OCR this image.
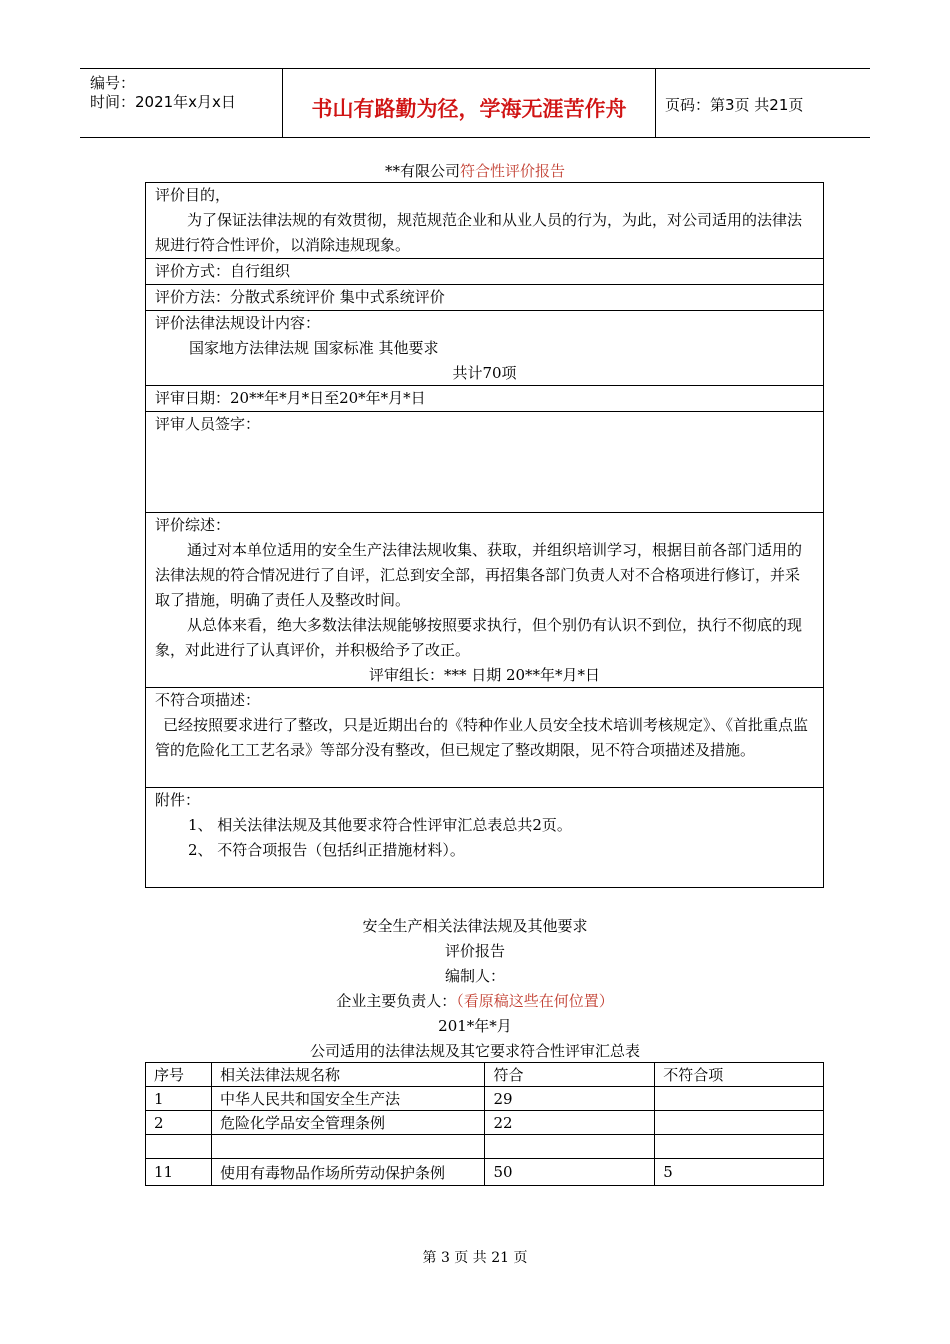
编号：
时间：2021年x月x日	书山有路勤为径，学海无涯苦作舟	页码：第3页 共21页
**有限公司符合性评价报告
评价目的，
为了保证法律法规的有效贯彻，规范规范企业和从业人员的行为，为此，对公司适用的法律法规进行符合性评价，以消除违规现象。
评价方式：自行组织
评价方法：分散式系统评价 集中式系统评价
评价法律法规设计内容：
国家地方法律法规 国家标准 其他要求
共计70项
评审日期：20**年*月*日至20*年*月*日
评审人员签字：
评价综述：
通过对本单位适用的安全生产法律法规收集、获取，并组织培训学习，根据目前各部门适用的法律法规的符合情况进行了自评，汇总到安全部，再招集各部门负责人对不合格项进行修订，并采取了措施，明确了责任人及整改时间。
从总体来看，绝大多数法律法规能够按照要求执行，但个别仍有认识不到位，执行不彻底的现象，对此进行了认真评价，并积极给予了改正。
评审组长：*** 日期 20**年*月*日
不符合项描述：
已经按照要求进行了整改，只是近期出台的《特种作业人员安全技术培训考核规定》、《首批重点监管的危险化工工艺名录》等部分没有整改，但已规定了整改期限，见不符合项描述及措施。
附件：
1、 相关法律法规及其他要求符合性评审汇总表总共2页。
2、 不符合项报告（包括纠正措施材料）。
安全生产相关法律法规及其他要求
评价报告
编制人：
企业主要负责人：（看原稿这些在何位置）
201*年*月
公司适用的法律法规及其它要求符合性评审汇总表
序号	相关法律法规名称	符合	不符合项
1	中华人民共和国安全生产法	29	
2	危险化学品安全管理条例	22	

11	使用有毒物品作场所劳动保护条例	50	5
第 3 页 共 21 页
